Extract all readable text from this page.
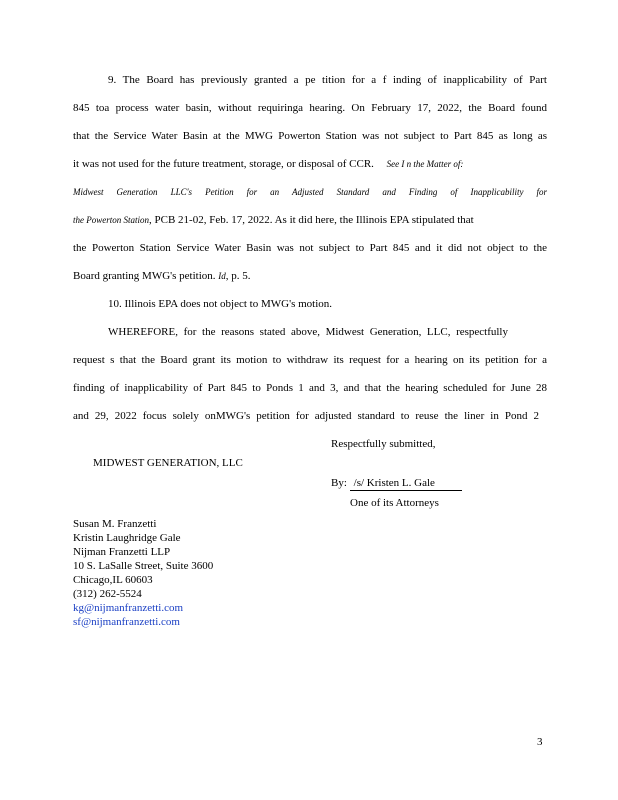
9. The Board has previously granted a pe tition for a f inding of inapplicability of Part
845 toa process water basin, without requiringa hearing. On February 17, 2022, the Board found
that the Service Water Basin at the MWG Powerton Station was not subject to Part 845 as long as
it was not used for the future treatment, storage, or disposal of CCR. See I n the Matter of:
Midwest Generation LLC's Petition for an Adjusted Standard and Finding of Inapplicability for
the Powerton Station, PCB 21-02, Feb. 17, 2022. As it did here, the Illinois EPA stipulated that
the Powerton Station Service Water Basin was not subject to Part 845 and it did not object to the
Board granting MWG's petition. Id, p. 5.
10. Illinois EPA does not object to MWG's motion.
WHEREFORE, for the reasons stated above, Midwest Generation, LLC, respectfully
request s that the Board grant its motion to withdraw its request for a hearing on its petition for a
finding of inapplicability of Part 845 to Ponds 1 and 3, and that the hearing scheduled for June 28
and 29, 2022 focus solely onMWG's petition for adjusted standard to reuse the liner in Pond 2
Respectfully submitted,
MIDWEST GENERATION, LLC
By: /s/ Kristen L. Gale
One of its Attorneys
Susan M. Franzetti
Kristin Laughridge Gale
Nijman Franzetti LLP
10 S. LaSalle Street, Suite 3600
Chicago,IL 60603
(312) 262-5524
kg@nijmanfranzetti.com
sf@nijmanfranzetti.com
3
